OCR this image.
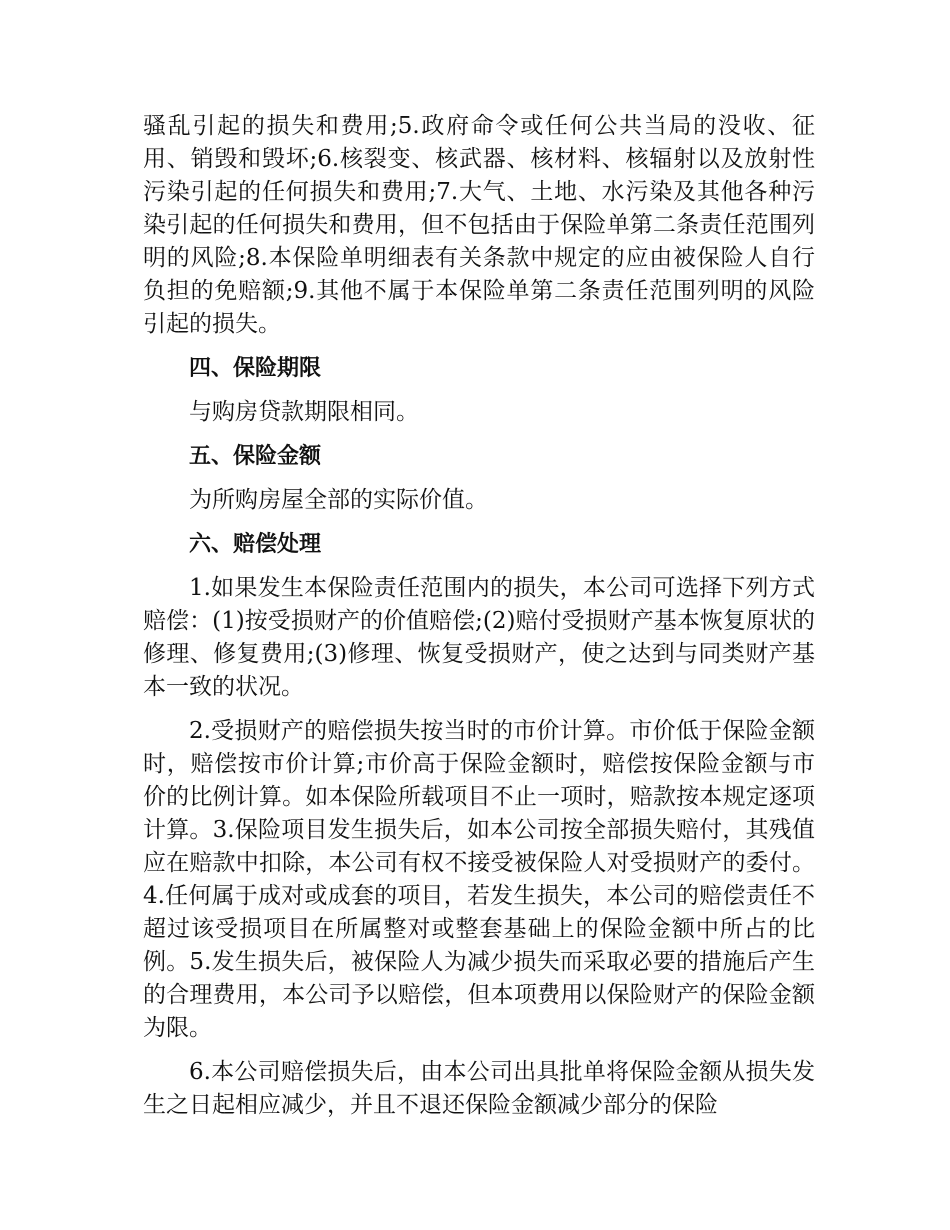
骚乱引起的损失和费用;5.政府命令或任何公共当局的没收、征用、销毁和毁坏;6.核裂变、核武器、核材料、核辐射以及放射性污染引起的任何损失和费用;7.大气、土地、水污染及其他各种污染引起的任何损失和费用，但不包括由于保险单第二条责任范围列明的风险;8.本保险单明细表有关条款中规定的应由被保险人自行负担的免赔额;9.其他不属于本保险单第二条责任范围列明的风险引起的损失。

四、保险期限

与购房贷款期限相同。

五、保险金额

为所购房屋全部的实际价值。

六、赔偿处理

1.如果发生本保险责任范围内的损失，本公司可选择下列方式赔偿：(1)按受损财产的价值赔偿;(2)赔付受损财产基本恢复原状的修理、修复费用;(3)修理、恢复受损财产，使之达到与同类财产基本一致的状况。

2.受损财产的赔偿损失按当时的市价计算。市价低于保险金额时，赔偿按市价计算;市价高于保险金额时，赔偿按保险金额与市价的比例计算。如本保险所载项目不止一项时，赔款按本规定逐项计算。3.保险项目发生损失后，如本公司按全部损失赔付，其残值应在赔款中扣除，本公司有权不接受被保险人对受损财产的委付。4.任何属于成对或成套的项目，若发生损失，本公司的赔偿责任不超过该受损项目在所属整对或整套基础上的保险金额中所占的比例。5.发生损失后，被保险人为减少损失而采取必要的措施后产生的合理费用，本公司予以赔偿，但本项费用以保险财产的保险金额为限。

6.本公司赔偿损失后，由本公司出具批单将保险金额从损失发生之日起相应减少，并且不退还保险金额减少部分的保险
